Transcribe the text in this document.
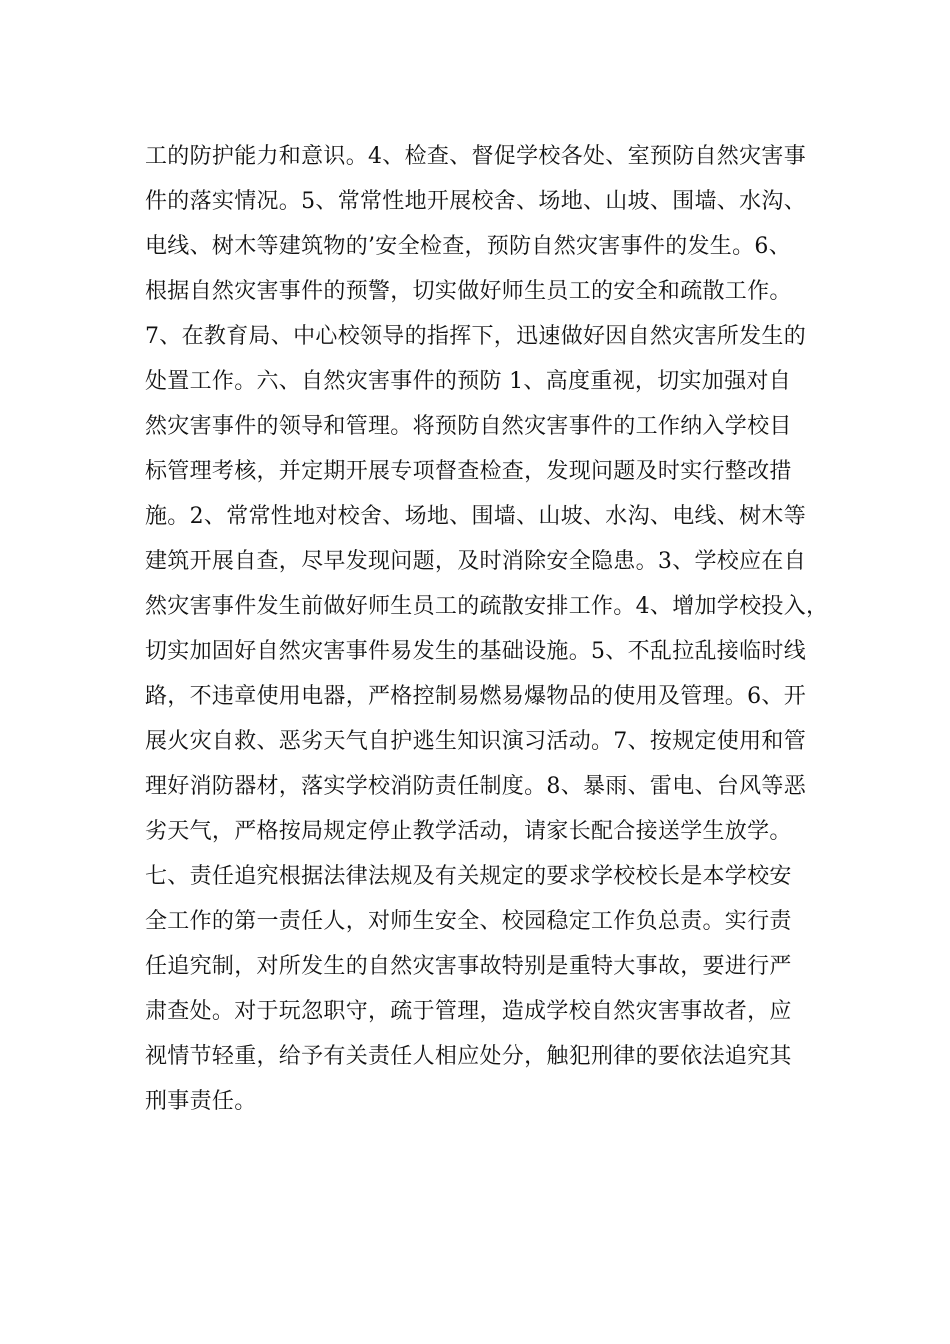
工的防护能力和意识。4、检查、督促学校各处、室预防自然灾害事
件的落实情况。5、常常性地开展校舍、场地、山坡、围墙、水沟、
电线、树木等建筑物的’安全检查，预防自然灾害事件的发生。6、
根据自然灾害事件的预警，切实做好师生员工的安全和疏散工作。
7、在教育局、中心校领导的指挥下，迅速做好因自然灾害所发生的
处置工作。六、自然灾害事件的预防 1、高度重视，切实加强对自
然灾害事件的领导和管理。将预防自然灾害事件的工作纳入学校目
标管理考核，并定期开展专项督查检查，发现问题及时实行整改措
施。2、常常性地对校舍、场地、围墙、山坡、水沟、电线、树木等
建筑开展自查，尽早发现问题，及时消除安全隐患。3、学校应在自
然灾害事件发生前做好师生员工的疏散安排工作。4、增加学校投入，
切实加固好自然灾害事件易发生的基础设施。5、不乱拉乱接临时线
路，不违章使用电器，严格控制易燃易爆物品的使用及管理。6、开
展火灾自救、恶劣天气自护逃生知识演习活动。7、按规定使用和管
理好消防器材，落实学校消防责任制度。8、暴雨、雷电、台风等恶
劣天气，严格按局规定停止教学活动，请家长配合接送学生放学。
七、责任追究根据法律法规及有关规定的要求学校校长是本学校安
全工作的第一责任人，对师生安全、校园稳定工作负总责。实行责
任追究制，对所发生的自然灾害事故特别是重特大事故，要进行严
肃查处。对于玩忽职守，疏于管理，造成学校自然灾害事故者，应
视情节轻重，给予有关责任人相应处分，触犯刑律的要依法追究其
刑事责任。
